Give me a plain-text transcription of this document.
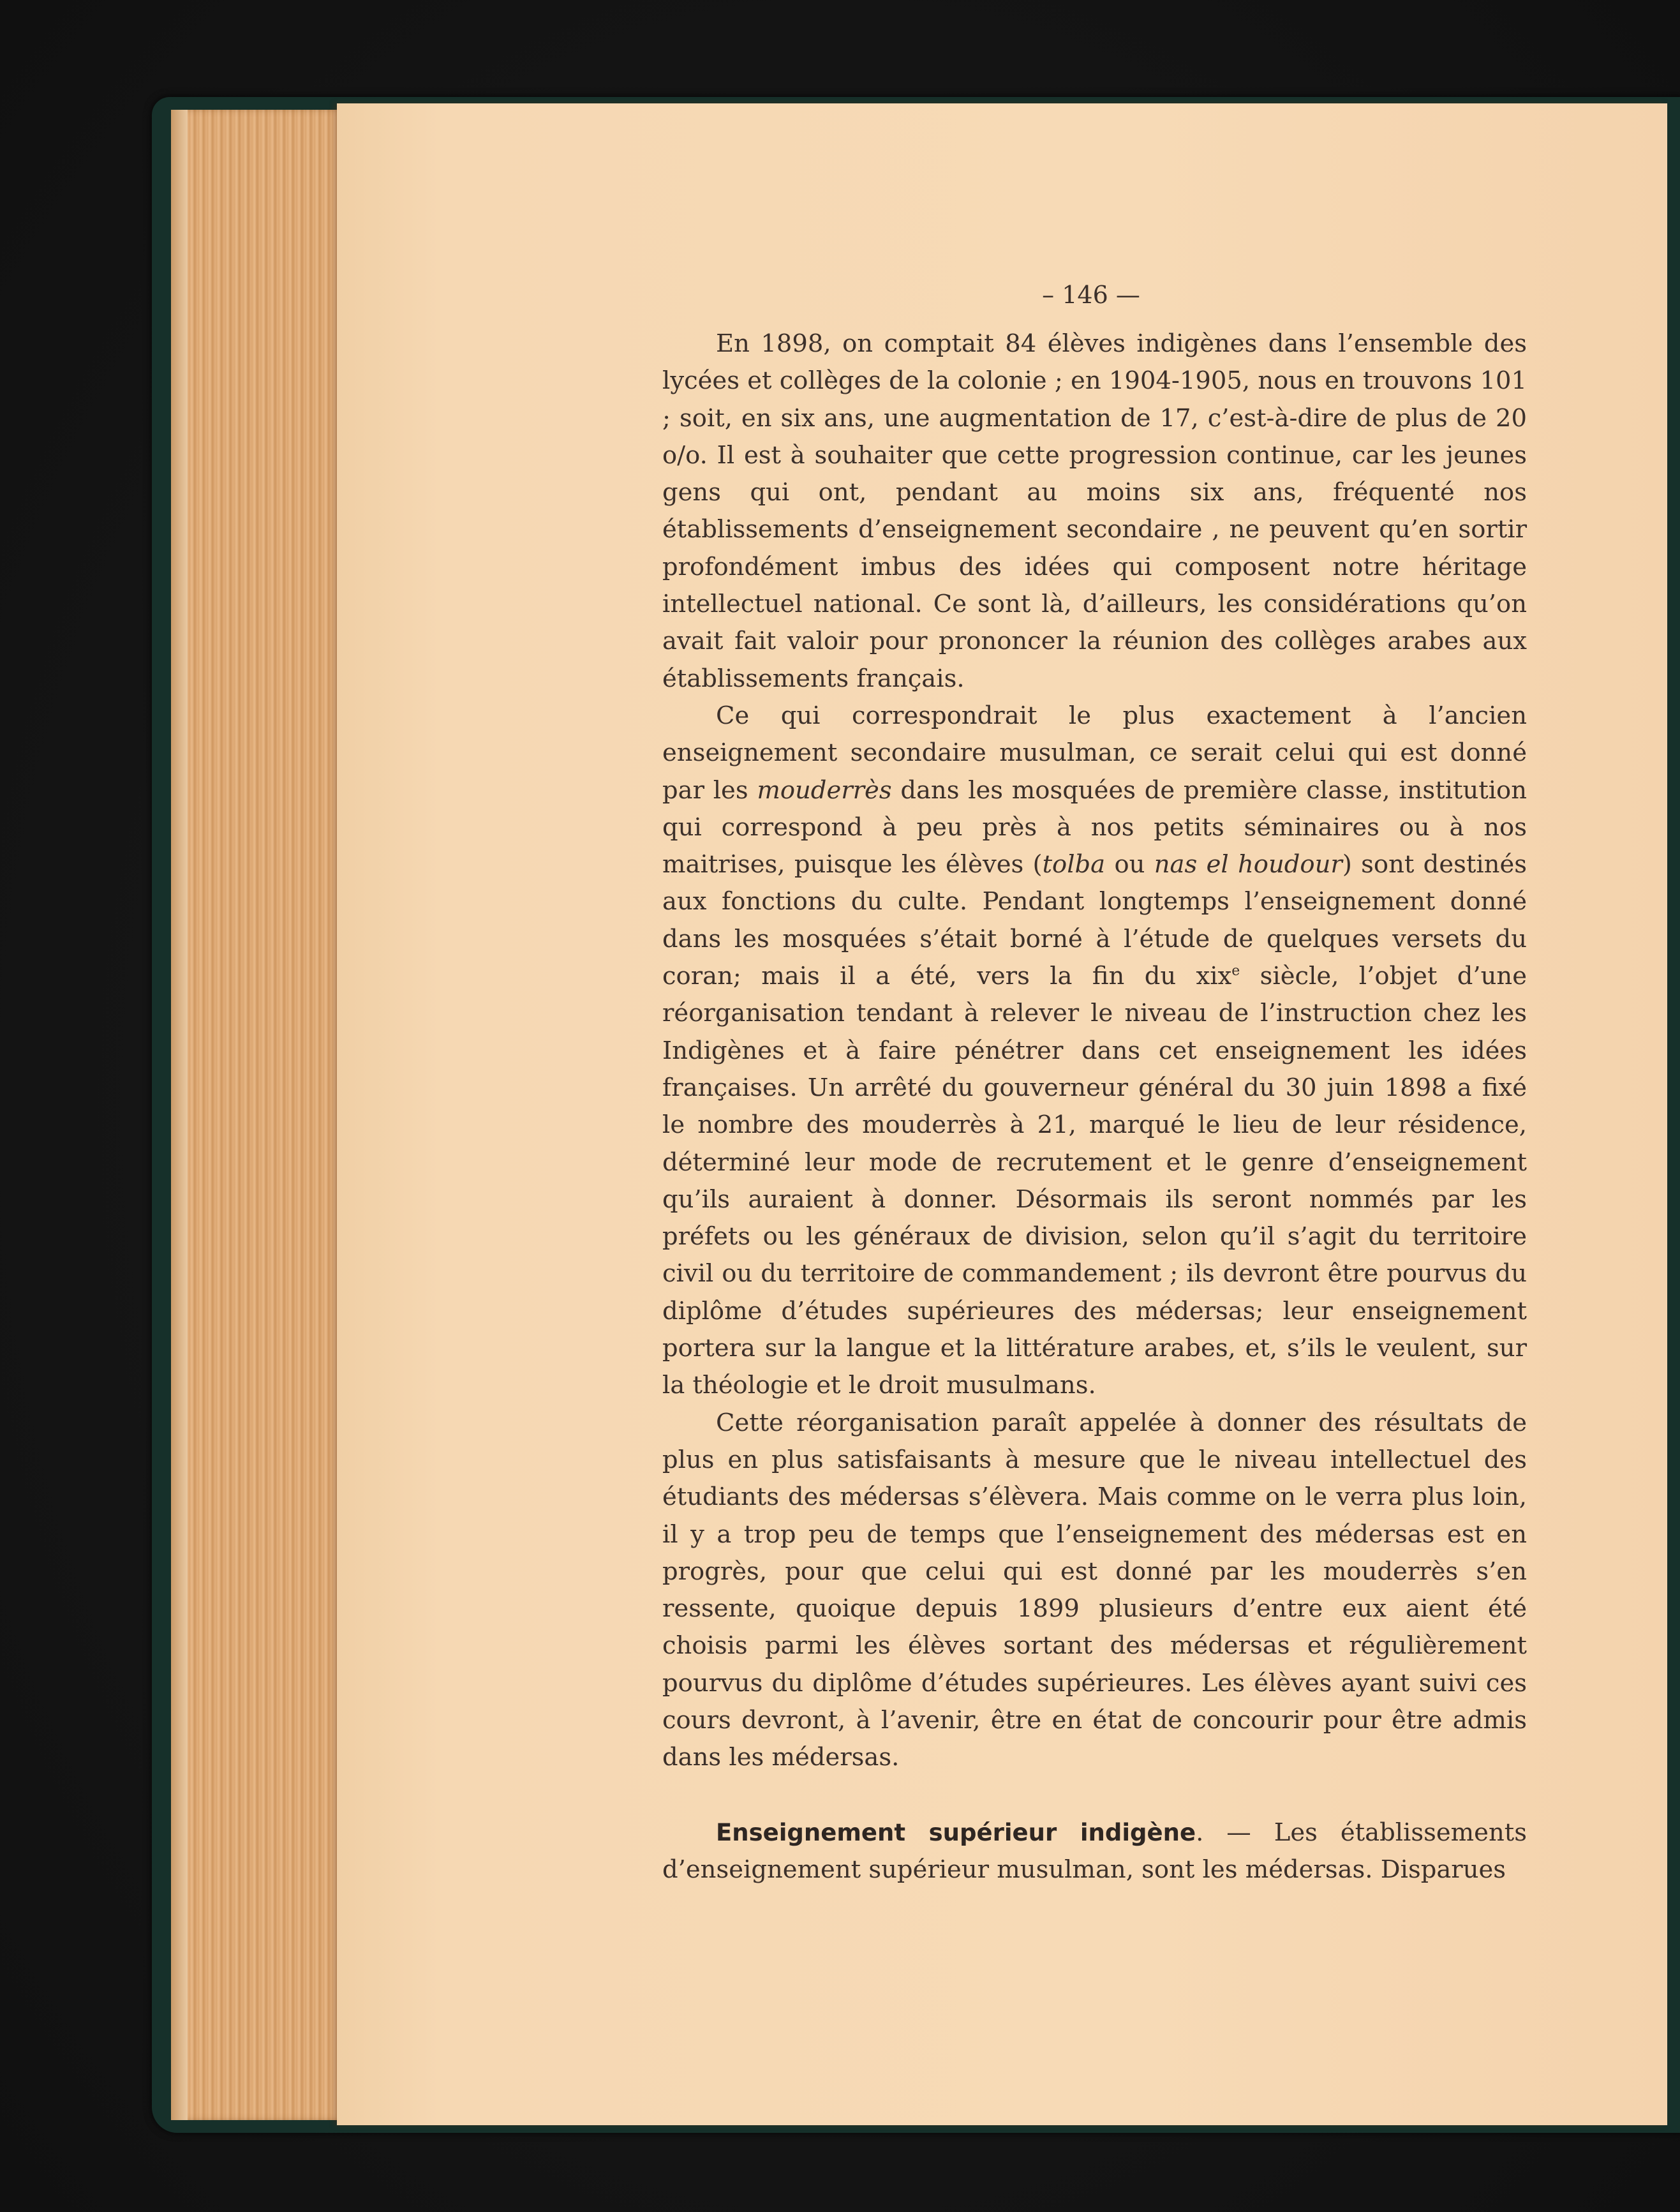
– 146 —

En 1898, on comptait 84 élèves indigènes dans l’ensemble des lycées et collèges de la colonie ; en 1904-1905, nous en trouvons 101 ; soit, en six ans, une augmentation de 17, c’est-à-dire de plus de 20 o/o. Il est à souhaiter que cette progression continue, car les jeunes gens qui ont, pendant au moins six ans, fréquenté nos établissements d’enseignement secondaire , ne peuvent qu’en sortir profondément imbus des idées qui composent notre héritage intellectuel national. Ce sont là, d’ailleurs, les considérations qu’on avait fait valoir pour prononcer la réunion des collèges arabes aux établissements français.

Ce qui correspondrait le plus exactement à l’ancien enseignement secondaire musulman, ce serait celui qui est donné par les mouderrès dans les mosquées de première classe, institution qui correspond à peu près à nos petits séminaires ou à nos maitrises, puisque les élèves (tolba ou nas el houdour) sont destinés aux fonctions du culte. Pendant longtemps l’enseignement donné dans les mosquées s’était borné à l’étude de quelques versets du coran; mais il a été, vers la fin du xix$^e$ siècle, l’objet d’une réorganisation tendant à relever le niveau de l’instruction chez les Indigènes et à faire pénétrer dans cet enseignement les idées françaises. Un arrêté du gouverneur général du 30 juin 1898 a fixé le nombre des mouderrès à 21, marqué le lieu de leur résidence, déterminé leur mode de recrutement et le genre d’enseignement qu’ils auraient à donner. Désormais ils seront nommés par les préfets ou les généraux de division, selon qu’il s’agit du territoire civil ou du territoire de commandement ; ils devront être pourvus du diplôme d’études supérieures des médersas; leur enseignement portera sur la langue et la littérature arabes, et, s’ils le veulent, sur la théologie et le droit musulmans.

Cette réorganisation paraît appelée à donner des résultats de plus en plus satisfaisants à mesure que le niveau intellectuel des étudiants des médersas s’élèvera. Mais comme on le verra plus loin, il y a trop peu de temps que l’enseignement des médersas est en progrès, pour que celui qui est donné par les mouderrès s’en ressente, quoique depuis 1899 plusieurs d’entre eux aient été choisis parmi les élèves sortant des médersas et régulièrement pourvus du diplôme d’études supérieures. Les élèves ayant suivi ces cours devront, à l’avenir, être en état de concourir pour être admis dans les médersas.

Enseignement supérieur indigène. — Les établissements d’enseignement supérieur musulman, sont les médersas. Disparues
